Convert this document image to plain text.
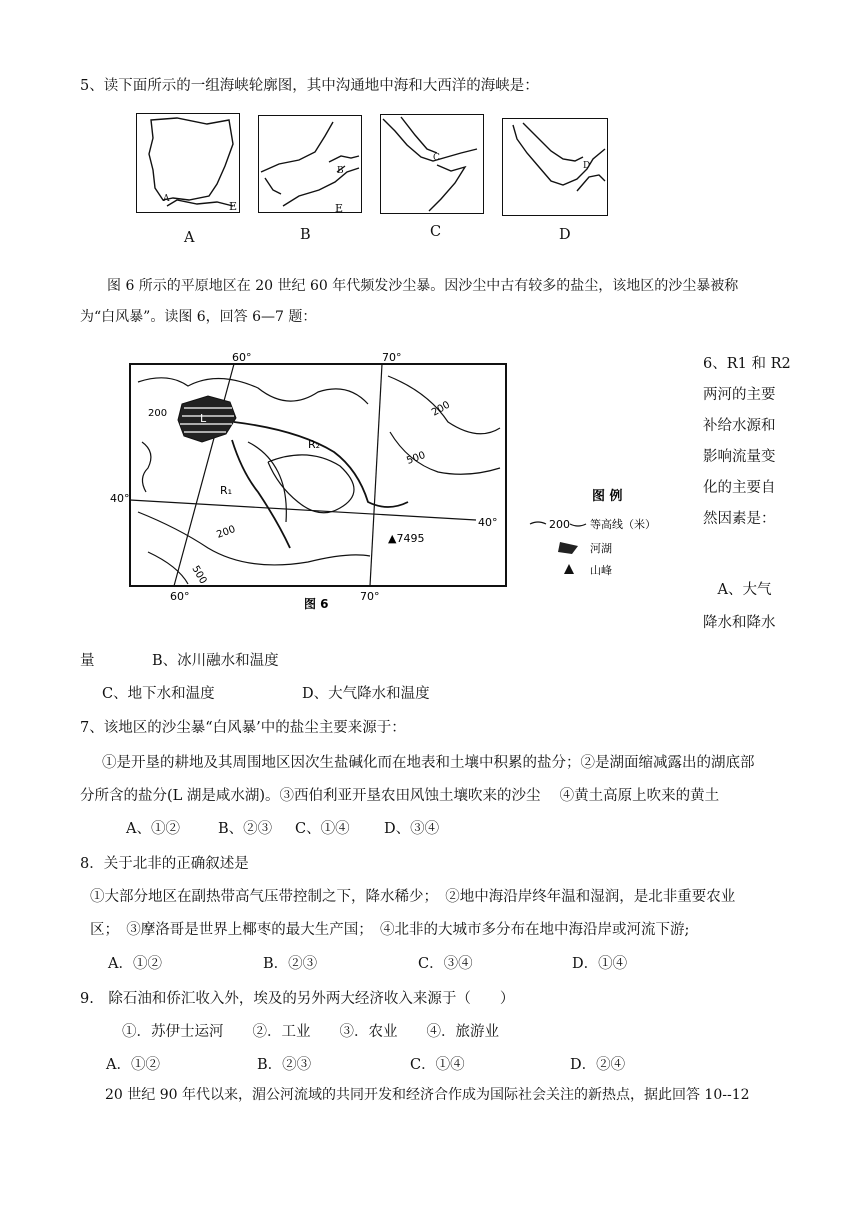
5、读下面所示的一组海峡轮廓图，其中沟通地中海和大西洋的海峡是：
A
E
B
E
C
D
A	B	C	D
图 6 所示的平原地区在 20 世纪 60 年代频发沙尘暴。因沙尘中古有较多的盐尘，该地区的沙尘暴被称
为“白风暴”。读图 6，回答 6—7 题：
60°	70°
60°	70°
40°
40°
L
R₁
R₂
200
200
500
200
500
▲7495
图 6
图 例
200 等高线（米）
河湖
山峰
6、R1 和 R2
两河的主要
补给水源和
影响流量变
化的主要自
然因素是：
　A、大气
降水和降水
量	B、冰川融水和温度
C、地下水和温度	D、大气降水和温度
7、该地区的沙尘暴“白风暴’中的盐尘主要来源于：
①是开垦的耕地及其周围地区因次生盐碱化而在地表和土壤中积累的盐分；②是湖面缩减露出的湖底部
分所含的盐分(L 湖是咸水湖)。③西伯利亚开垦农田风蚀土壤吹来的沙尘　 ④黄土高原上吹来的黄土
A、①②	B、②③ C、①④ D、③④
8．关于北非的正确叙述是
①大部分地区在副热带高气压带控制之下，降水稀少；　②地中海沿岸终年温和湿润，是北非重要农业
区；　③摩洛哥是世界上椰枣的最大生产国；　④北非的大城市多分布在地中海沿岸或河流下游;
A．①②	B．②③	C．③④	D．①④
9.　除石油和侨汇收入外，埃及的另外两大经济收入来源于（　　）
①．苏伊士运河　　②．工业　　③．农业　　④．旅游业
A．①②	B．②③	C．①④	D．②④
20 世纪 90 年代以来，湄公河流域的共同开发和经济合作成为国际社会关注的新热点，据此回答 10--12
